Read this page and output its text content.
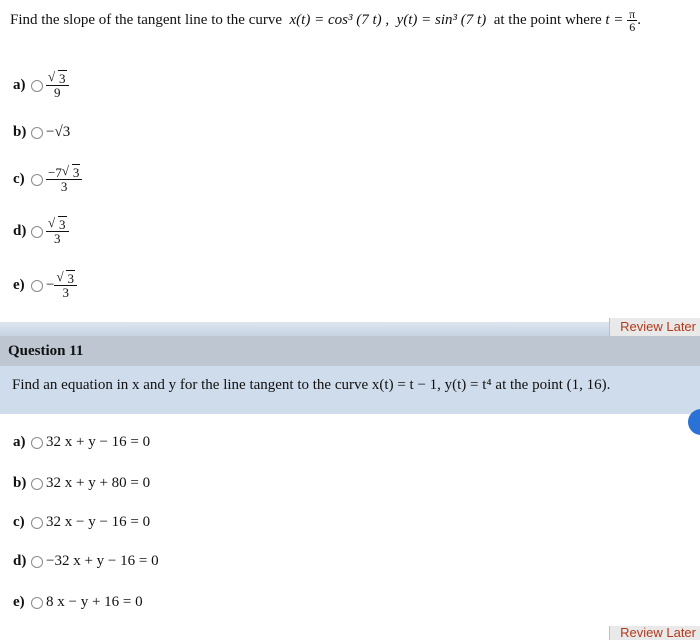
Find the slope of the tangent line to the curve x(t) = cos³ (7 t) , y(t) = sin³ (7 t) at the point where $t = \frac{\pi}{6}$ .
a)	√ $\frac{3}{9}$
b)	−√3
c)	$\frac{-7 √ 3}{3}$
d)	√ $\frac{3}{3}$
e)	− √ $\frac{3}{3}$
Review Later
Question 11
Find an equation in x and y for the line tangent to the curve x(t) = t − 1, y(t) = t⁴ at the point (1, 16).
a)	32 x + y − 16 = 0
b)	32 x + y + 80 = 0
c)	32 x − y − 16 = 0
d)	−32 x + y − 16 = 0
e)	8 x − y + 16 = 0
Review Later
